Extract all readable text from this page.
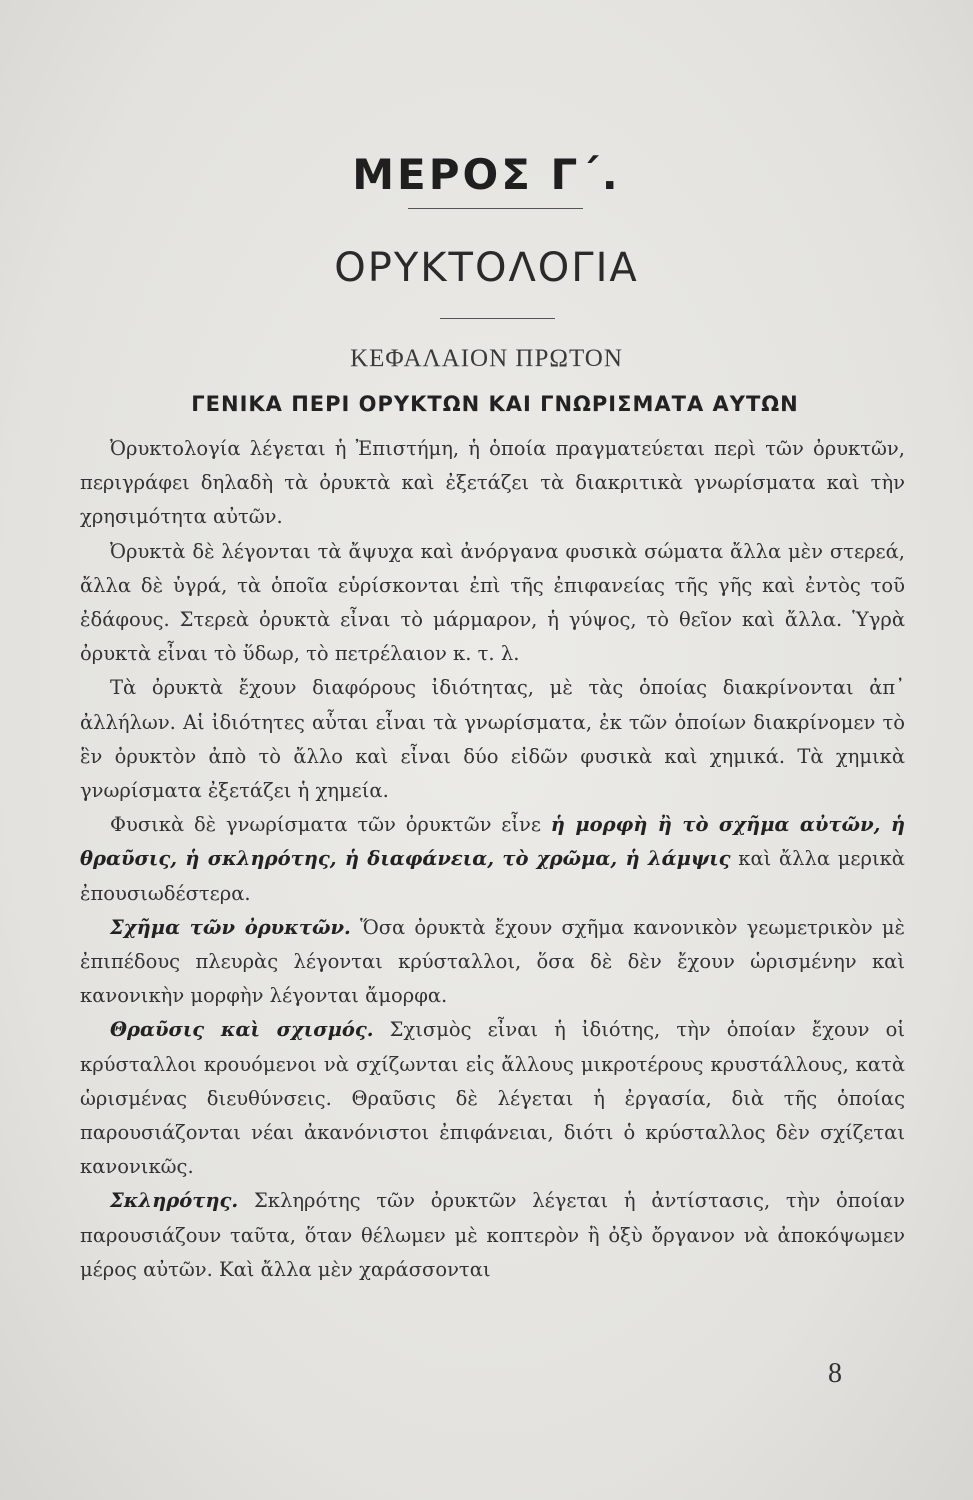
ΜΕΡΟΣ Γ΄.
ΟΡΥΚΤΟΛΟΓΙΑ
ΚΕΦΑΛΑΙΟΝ ΠΡΩΤΟΝ
ΓΕΝΙΚΑ ΠΕΡΙ ΟΡΥΚΤΩΝ ΚΑΙ ΓΝΩΡΙΣΜΑΤΑ ΑΥΤΩΝ

Ὀρυκτολογία λέγεται ἡ Ἐπιστήμη, ἡ ὁποία πραγματεύεται περὶ τῶν ὀρυκτῶν, περιγράφει δηλαδὴ τὰ ὀρυκτὰ καὶ ἐξετάζει τὰ διακριτικὰ γνωρίσματα καὶ τὴν χρησιμότητα αὐτῶν.

Ὀρυκτὰ δὲ λέγονται τὰ ἄψυχα καὶ ἀνόργανα φυσικὰ σώματα ἄλλα μὲν στερεά, ἄλλα δὲ ὑγρά, τὰ ὁποῖα εὑρίσκονται ἐπὶ τῆς ἐπιφανείας τῆς γῆς καὶ ἐντὸς τοῦ ἐδάφους. Στερεὰ ὀρυκτὰ εἶναι τὸ μάρμαρον, ἡ γύψος, τὸ θεῖον καὶ ἄλλα. Ὑγρὰ ὀρυκτὰ εἶναι τὸ ὕδωρ, τὸ πετρέλαιον κ. τ. λ.

Τὰ ὀρυκτὰ ἔχουν διαφόρους ἰδιότητας, μὲ τὰς ὁποίας διακρίνονται ἀπ᾿ ἀλλήλων. Αἱ ἰδιότητες αὗται εἶναι τὰ γνωρίσματα, ἐκ τῶν ὁποίων διακρίνομεν τὸ ἓν ὀρυκτὸν ἀπὸ τὸ ἄλλο καὶ εἶναι δύο εἰδῶν φυσικὰ καὶ χημικά. Τὰ χημικὰ γνωρίσματα ἐξετάζει ἡ χημεία.

Φυσικὰ δὲ γνωρίσματα τῶν ὀρυκτῶν εἶνε ἡ μορφὴ ἢ τὸ σχῆμα αὐτῶν, ἡ θραῦσις, ἡ σκληρότης, ἡ διαφάνεια, τὸ χρῶμα, ἡ λάμψις καὶ ἄλλα μερικὰ ἐπουσιωδέστερα.

Σχῆμα τῶν ὀρυκτῶν. Ὅσα ὀρυκτὰ ἔχουν σχῆμα κανονικὸν γεωμετρικὸν μὲ ἐπιπέδους πλευρὰς λέγονται κρύσταλλοι, ὅσα δὲ δὲν ἔχουν ὡρισμένην καὶ κανονικὴν μορφὴν λέγονται ἄμορφα.

Θραῦσις καὶ σχισμός. Σχισμὸς εἶναι ἡ ἰδιότης, τὴν ὁποίαν ἔχουν οἱ κρύσταλλοι κρουόμενοι νὰ σχίζωνται εἰς ἄλλους μικροτέρους κρυστάλλους, κατὰ ὡρισμένας διευθύνσεις. Θραῦσις δὲ λέγεται ἡ ἐργασία, διὰ τῆς ὁποίας παρουσιάζονται νέαι ἀκανόνιστοι ἐπιφάνειαι, διότι ὁ κρύσταλλος δὲν σχίζεται κανονικῶς.

Σκληρότης. Σκληρότης τῶν ὀρυκτῶν λέγεται ἡ ἀντίστασις, τὴν ὁποίαν παρουσιάζουν ταῦτα, ὅταν θέλωμεν μὲ κοπτερὸν ἢ ὀξὺ ὄργανον νὰ ἀποκόψωμεν μέρος αὐτῶν. Καὶ ἄλλα μὲν χαράσσονται

8
